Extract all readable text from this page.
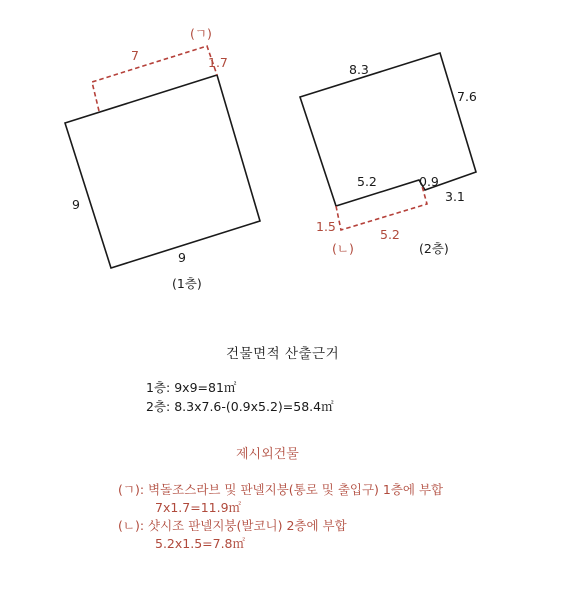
(ㄱ)
7	1.7
9
9
(1층)
8.3
7.6
5.2	0.9
3.1
1.5
5.2
(ㄴ)	(2층)
건물면적 산출근거
1층: 9x9=81㎡
2층: 8.3x7.6-(0.9x5.2)=58.4㎡
제시외건물
(ㄱ): 벽돌조스라브 및 판넬지붕(통로 및 출입구) 1층에 부합
7x1.7=11.9㎡
(ㄴ): 샷시조 판넬지붕(발코니) 2층에 부합
5.2x1.5=7.8㎡
